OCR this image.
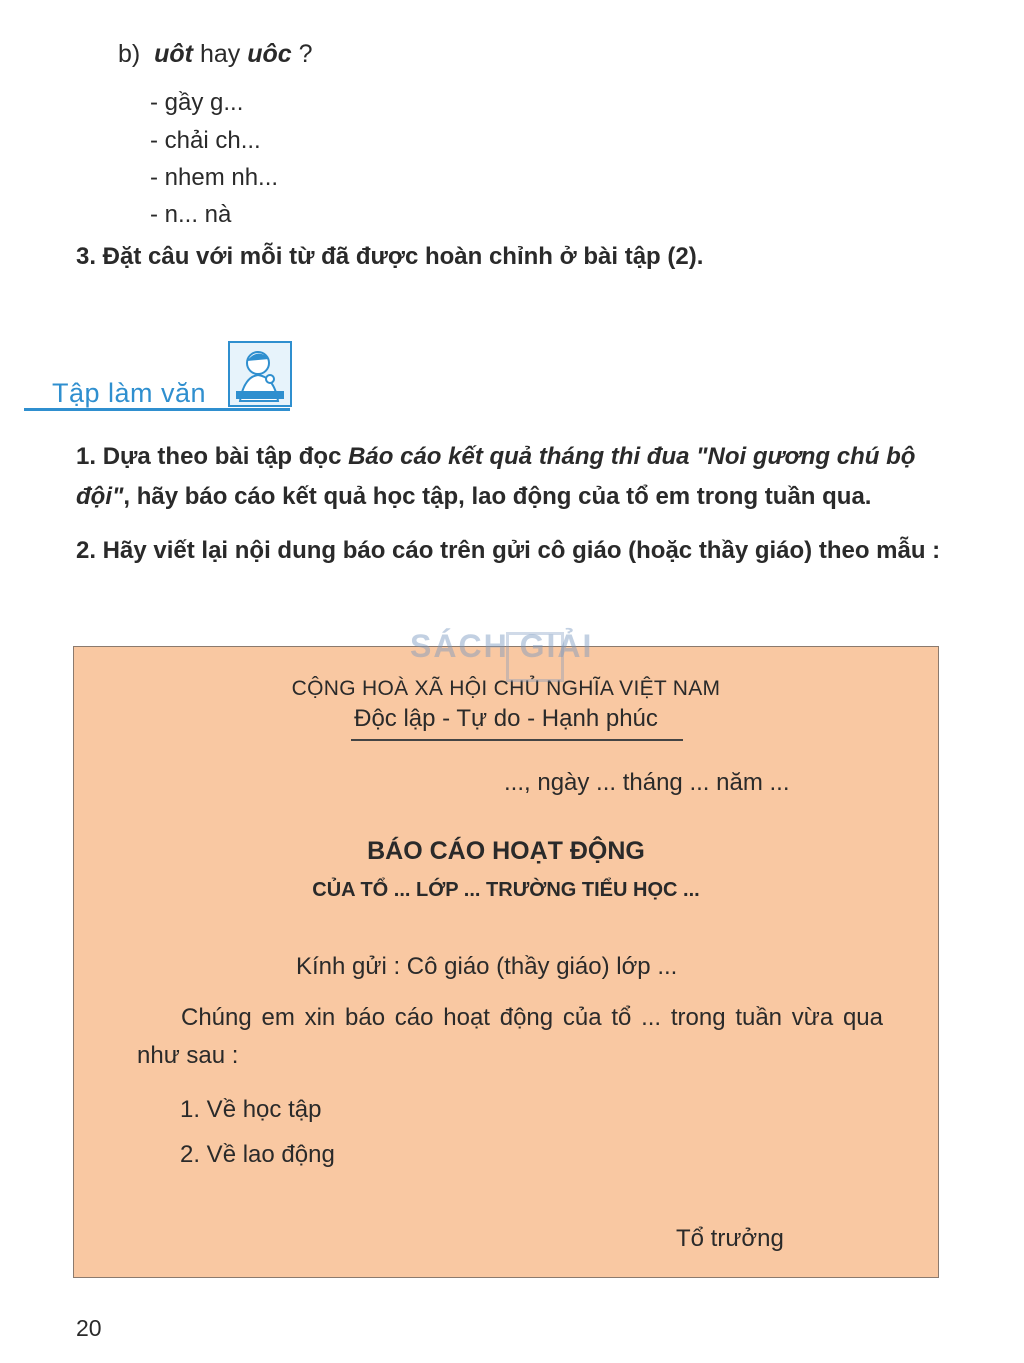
b) uôt hay uôc ?
- gầy g...
- chải ch...
- nhem nh...
- n... nà
3. Đặt câu với mỗi từ đã được hoàn chỉnh ở bài tập (2).
Tập làm văn
1. Dựa theo bài tập đọc Báo cáo kết quả tháng thi đua "Noi gương chú bộ đội", hãy báo cáo kết quả học tập, lao động của tổ em trong tuần qua.
2. Hãy viết lại nội dung báo cáo trên gửi cô giáo (hoặc thầy giáo) theo mẫu :
CỘNG HOÀ XÃ HỘI CHỦ NGHĨA VIỆT NAM
Độc lập - Tự do - Hạnh phúc
..., ngày ... tháng ... năm ...
BÁO CÁO HOẠT ĐỘNG
CỦA TỔ ... LỚP ... TRƯỜNG TIỂU HỌC ...
Kính gửi : Cô giáo (thầy giáo) lớp ...
Chúng em xin báo cáo hoạt động của tổ ... trong tuần vừa qua như sau :
1. Về học tập
2. Về lao động
Tổ trưởng
SÁCH GIẢI
20
